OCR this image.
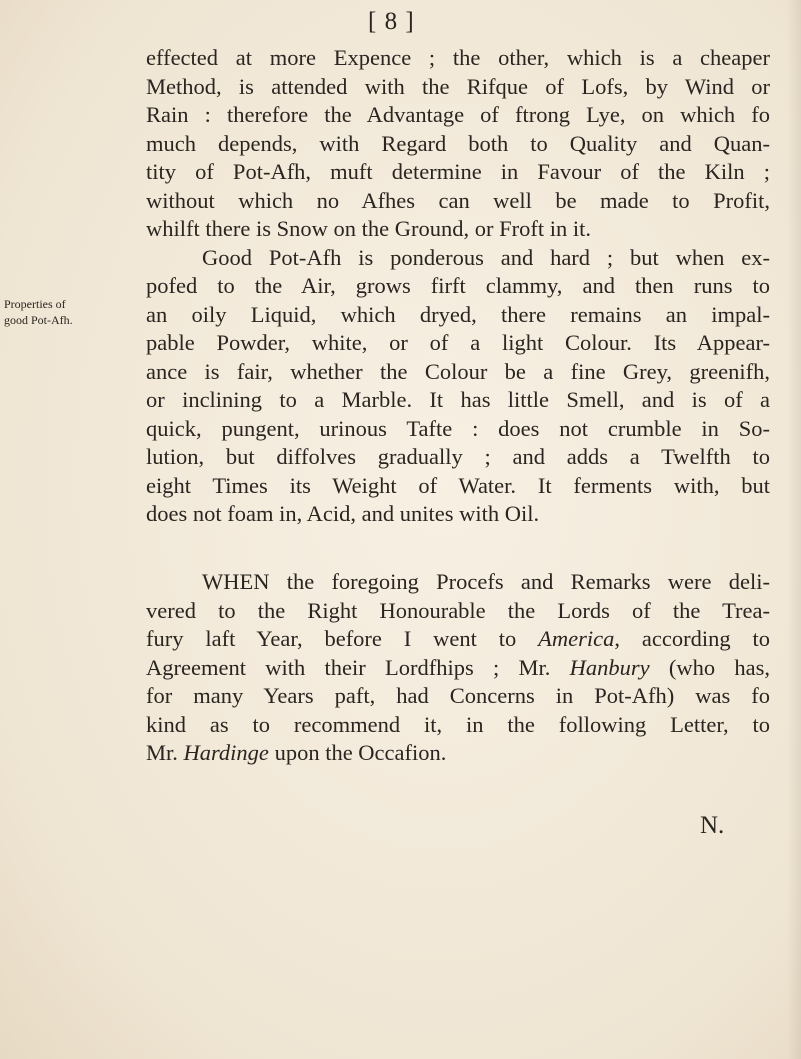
[ 8 ]
Properties of
good Pot-Afh.
effected at more Expence ; the other, which is a cheaper
Method, is attended with the Rifque of Lofs, by Wind or
Rain : therefore the Advantage of ftrong Lye, on which fo
much depends, with Regard both to Quality and Quan-
tity of Pot-Afh, muft determine in Favour of the Kiln ;
without which no Afhes can well be made to Profit,
whilft there is Snow on the Ground, or Froft in it.
Good Pot-Afh is ponderous and hard ; but when ex-
pofed to the Air, grows firft clammy, and then runs to
an oily Liquid, which dryed, there remains an impal-
pable Powder, white, or of a light Colour. Its Appear-
ance is fair, whether the Colour be a fine Grey, greenifh,
or inclining to a Marble. It has little Smell, and is of a
quick, pungent, urinous Tafte : does not crumble in So-
lution, but diffolves gradually ; and adds a Twelfth to
eight Times its Weight of Water. It ferments with, but
does not foam in, Acid, and unites with Oil.
WHEN the foregoing Procefs and Remarks were deli-
vered to the Right Honourable the Lords of the Trea-
fury laft Year, before I went to America, according to
Agreement with their Lordfhips ; Mr. Hanbury (who has,
for many Years paft, had Concerns in Pot-Afh) was fo
kind as to recommend it, in the following Letter, to
Mr. Hardinge upon the Occafion.
N.
